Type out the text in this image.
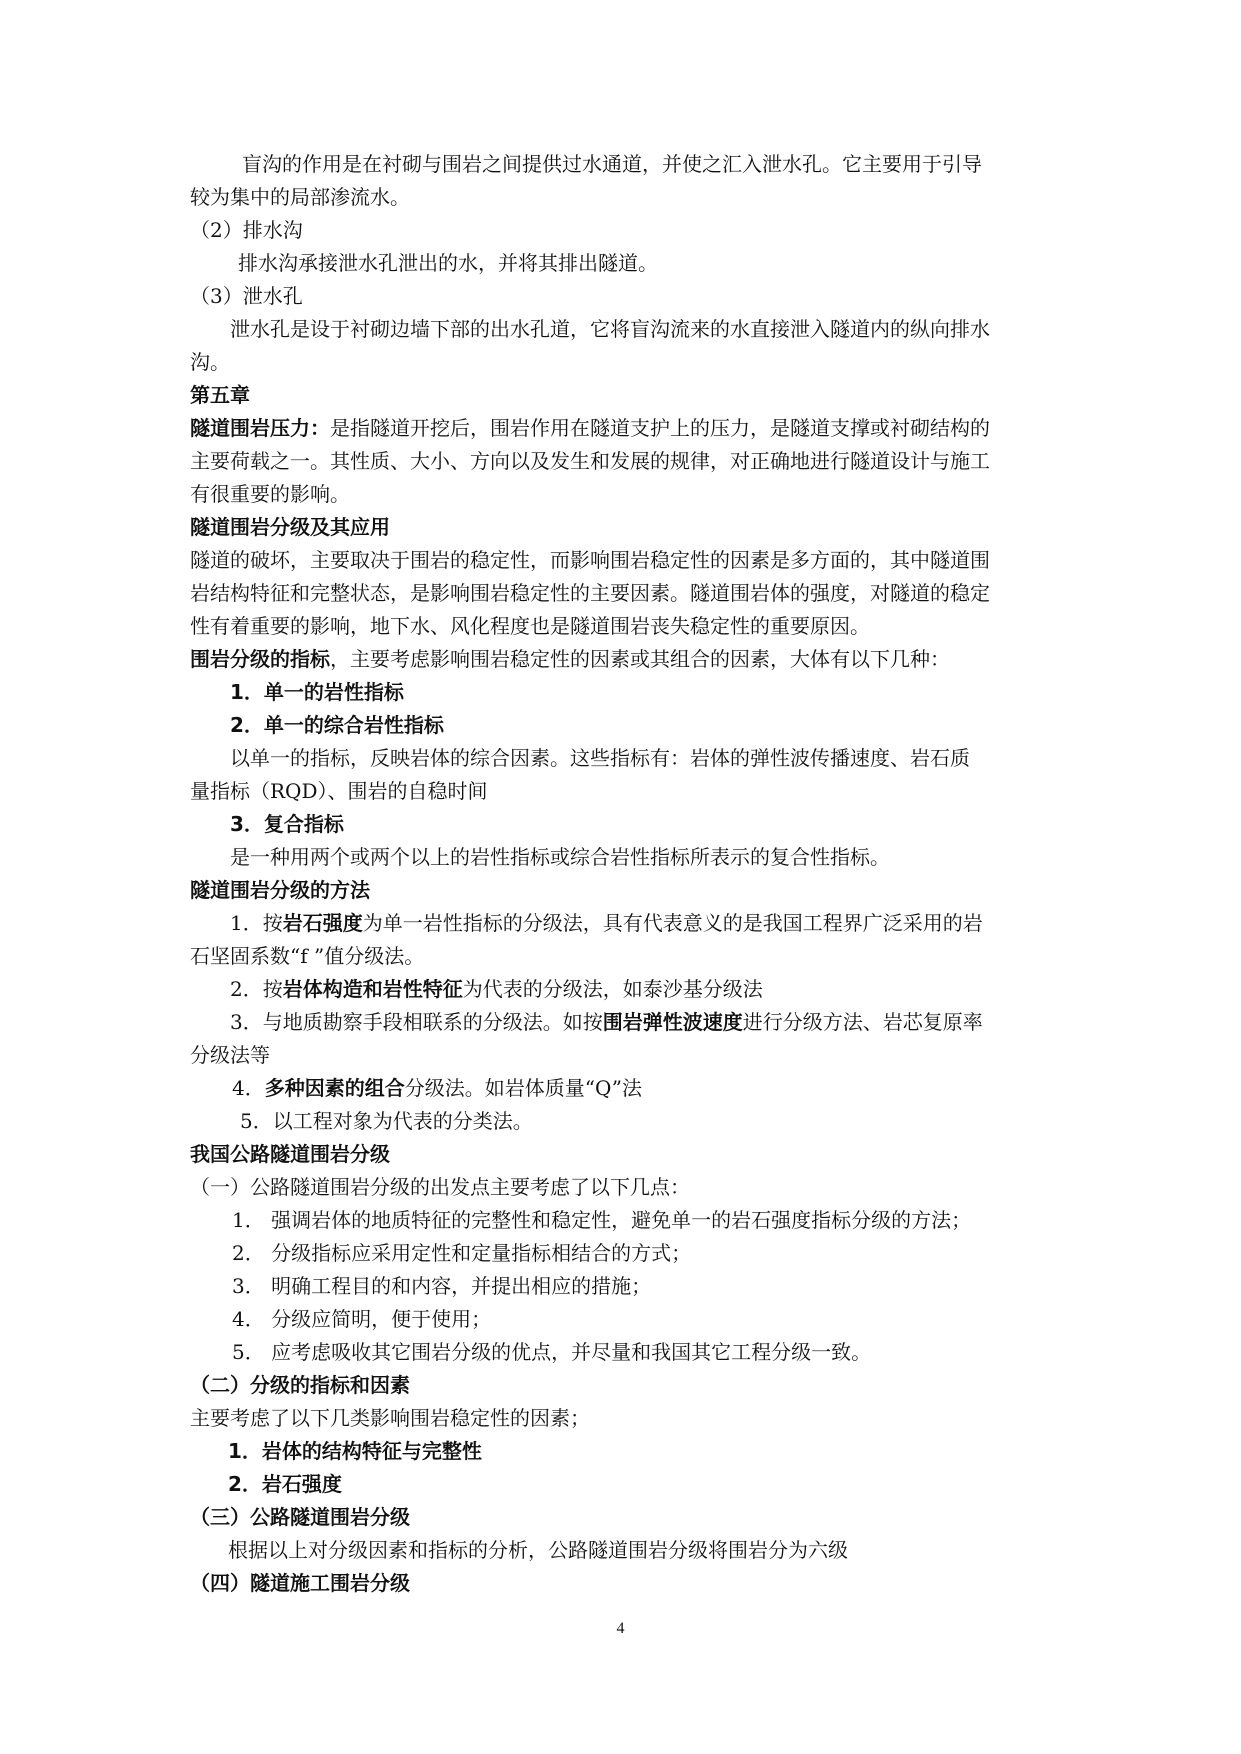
盲沟的作用是在衬砌与围岩之间提供过水通道，并使之汇入泄水孔。它主要用于引导
较为集中的局部渗流水。
（2）排水沟
排水沟承接泄水孔泄出的水，并将其排出隧道。
（3）泄水孔
泄水孔是设于衬砌边墙下部的出水孔道，它将盲沟流来的水直接泄入隧道内的纵向排水
沟。
第五章
隧道围岩压力：是指隧道开挖后，围岩作用在隧道支护上的压力，是隧道支撑或衬砌结构的
主要荷载之一。其性质、大小、方向以及发生和发展的规律，对正确地进行隧道设计与施工
有很重要的影响。
隧道围岩分级及其应用
隧道的破坏，主要取决于围岩的稳定性，而影响围岩稳定性的因素是多方面的，其中隧道围
岩结构特征和完整状态，是影响围岩稳定性的主要因素。隧道围岩体的强度，对隧道的稳定
性有着重要的影响，地下水、风化程度也是隧道围岩丧失稳定性的重要原因。
围岩分级的指标，主要考虑影响围岩稳定性的因素或其组合的因素，大体有以下几种：
1．单一的岩性指标
2．单一的综合岩性指标
以单一的指标，反映岩体的综合因素。这些指标有：岩体的弹性波传播速度、岩石质
量指标（RQD）、围岩的自稳时间
3．复合指标
是一种用两个或两个以上的岩性指标或综合岩性指标所表示的复合性指标。
隧道围岩分级的方法
1．按岩石强度为单一岩性指标的分级法，具有代表意义的是我国工程界广泛采用的岩
石坚固系数“f ”值分级法。
2．按岩体构造和岩性特征为代表的分级法，如泰沙基分级法
3．与地质勘察手段相联系的分级法。如按围岩弹性波速度进行分级方法、岩芯复原率
分级法等
4．多种因素的组合分级法。如岩体质量“Q”法
5．以工程对象为代表的分类法。
我国公路隧道围岩分级
（一）公路隧道围岩分级的出发点主要考虑了以下几点：
1． 强调岩体的地质特征的完整性和稳定性，避免单一的岩石强度指标分级的方法；
2． 分级指标应采用定性和定量指标相结合的方式；
3． 明确工程目的和内容，并提出相应的措施；
4． 分级应简明，便于使用；
5． 应考虑吸收其它围岩分级的优点，并尽量和我国其它工程分级一致。
（二）分级的指标和因素
主要考虑了以下几类影响围岩稳定性的因素；
1．岩体的结构特征与完整性
2．岩石强度
（三）公路隧道围岩分级
根据以上对分级因素和指标的分析，公路隧道围岩分级将围岩分为六级
（四）隧道施工围岩分级
4
